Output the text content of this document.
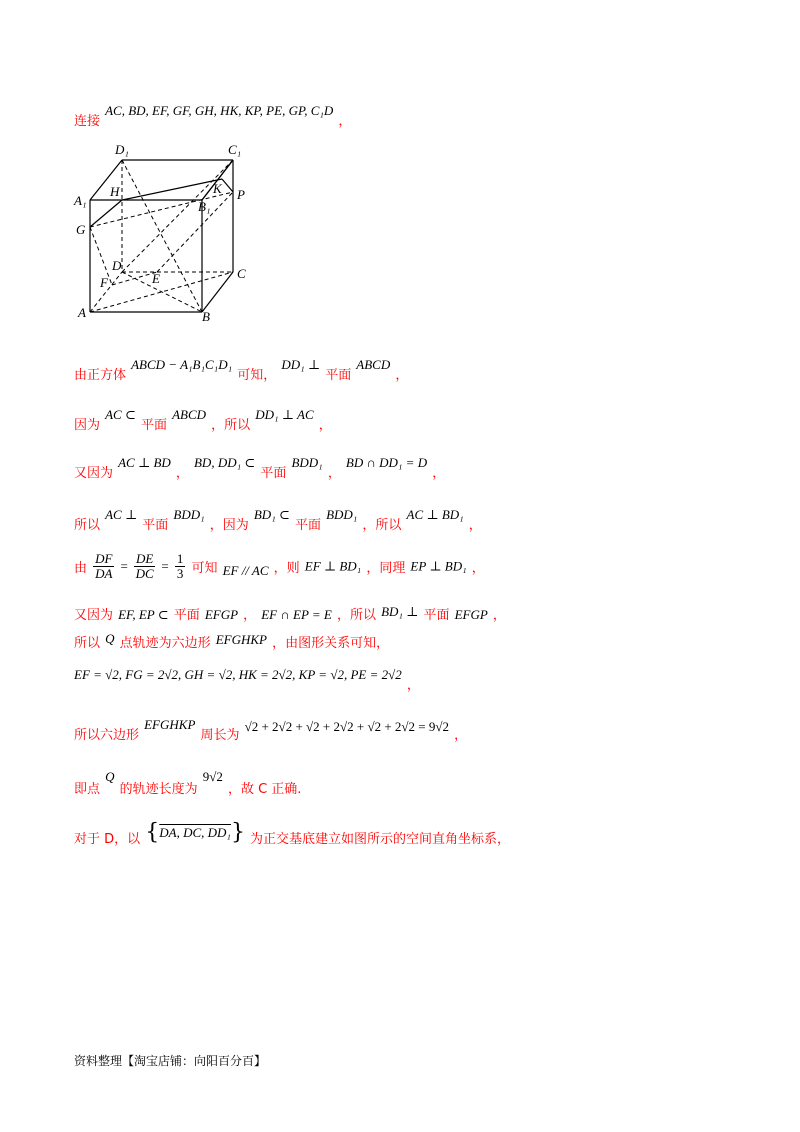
$_{连接}$ $^{AC, BD, EF, GF, GH, HK, KP, PE, GP, C_1D}$ $_,$
D₁	C₁
H	K P
A₁	B₁
G
D
C
F	E
A	B
$_{由正方体}$ $^{ABCD - A_1B_1C_1D_1}$ $_{可知,}$ $^{DD_1 \perp}$ $_{平面}$ $^{ABCD}$ $_,$
$_{因为}$ $^{AC \subset}$ $_{平面}$ $^{ABCD}$ $_{,所以}$ $^{DD_1 \perp AC}$ $_,$
$_{又因为}$ $^{AC \perp BD}$ $_,$ $^{BD, DD_1 \subset}$ $_{平面}$ $^{BDD_1}$ $_,$ $^{BD \cap DD_1 = D}$ $_,$
$_{所以}$ $^{AC \perp}$ $_{平面}$ $^{BDD_1}$ $_{,因为}$ $^{BD_1 \subset}$ $_{平面}$ $^{BDD_1}$ $_{,所以}$ $^{AC \perp BD_1}$ $_,$
由 $\frac{DF}{DA} = \frac{DE}{DC} = \frac{1}{3}$ 可知 $_{EF // AC}$ ，则 EF ⊥ BD₁ ，同理 EP ⊥ BD₁ ，
又因为 EF, EP ⊂ 平面 EFGP ， EF ∩ EP = E ，所以 BD₁ ⊥ 平面 EFGP ，
所以 $^Q$ 点轨迹为六边形 EFGHKP ，由图形关系可知，
EF = √2, FG = 2√2, GH = √2, HK = 2√2, KP = √2, PE = 2√2 $_,$
$_{所以六边形}$ $^{EFGHKP}$ $_{周长为}$ √2 + 2√2 + √2 + 2√2 + √2 + 2√2 = 9√2 $_,$
$_{即点}$ $^Q$ $_{的轨迹长度为}$ $^{9√2}$ $_{,故 C 正确.}$
$_{对于 D,以}$ {DA, DC, DD₁} $_{为正交基底建立如图所示的空间直角坐标系,}$
资料整理【淘宝店铺：向阳百分百】
